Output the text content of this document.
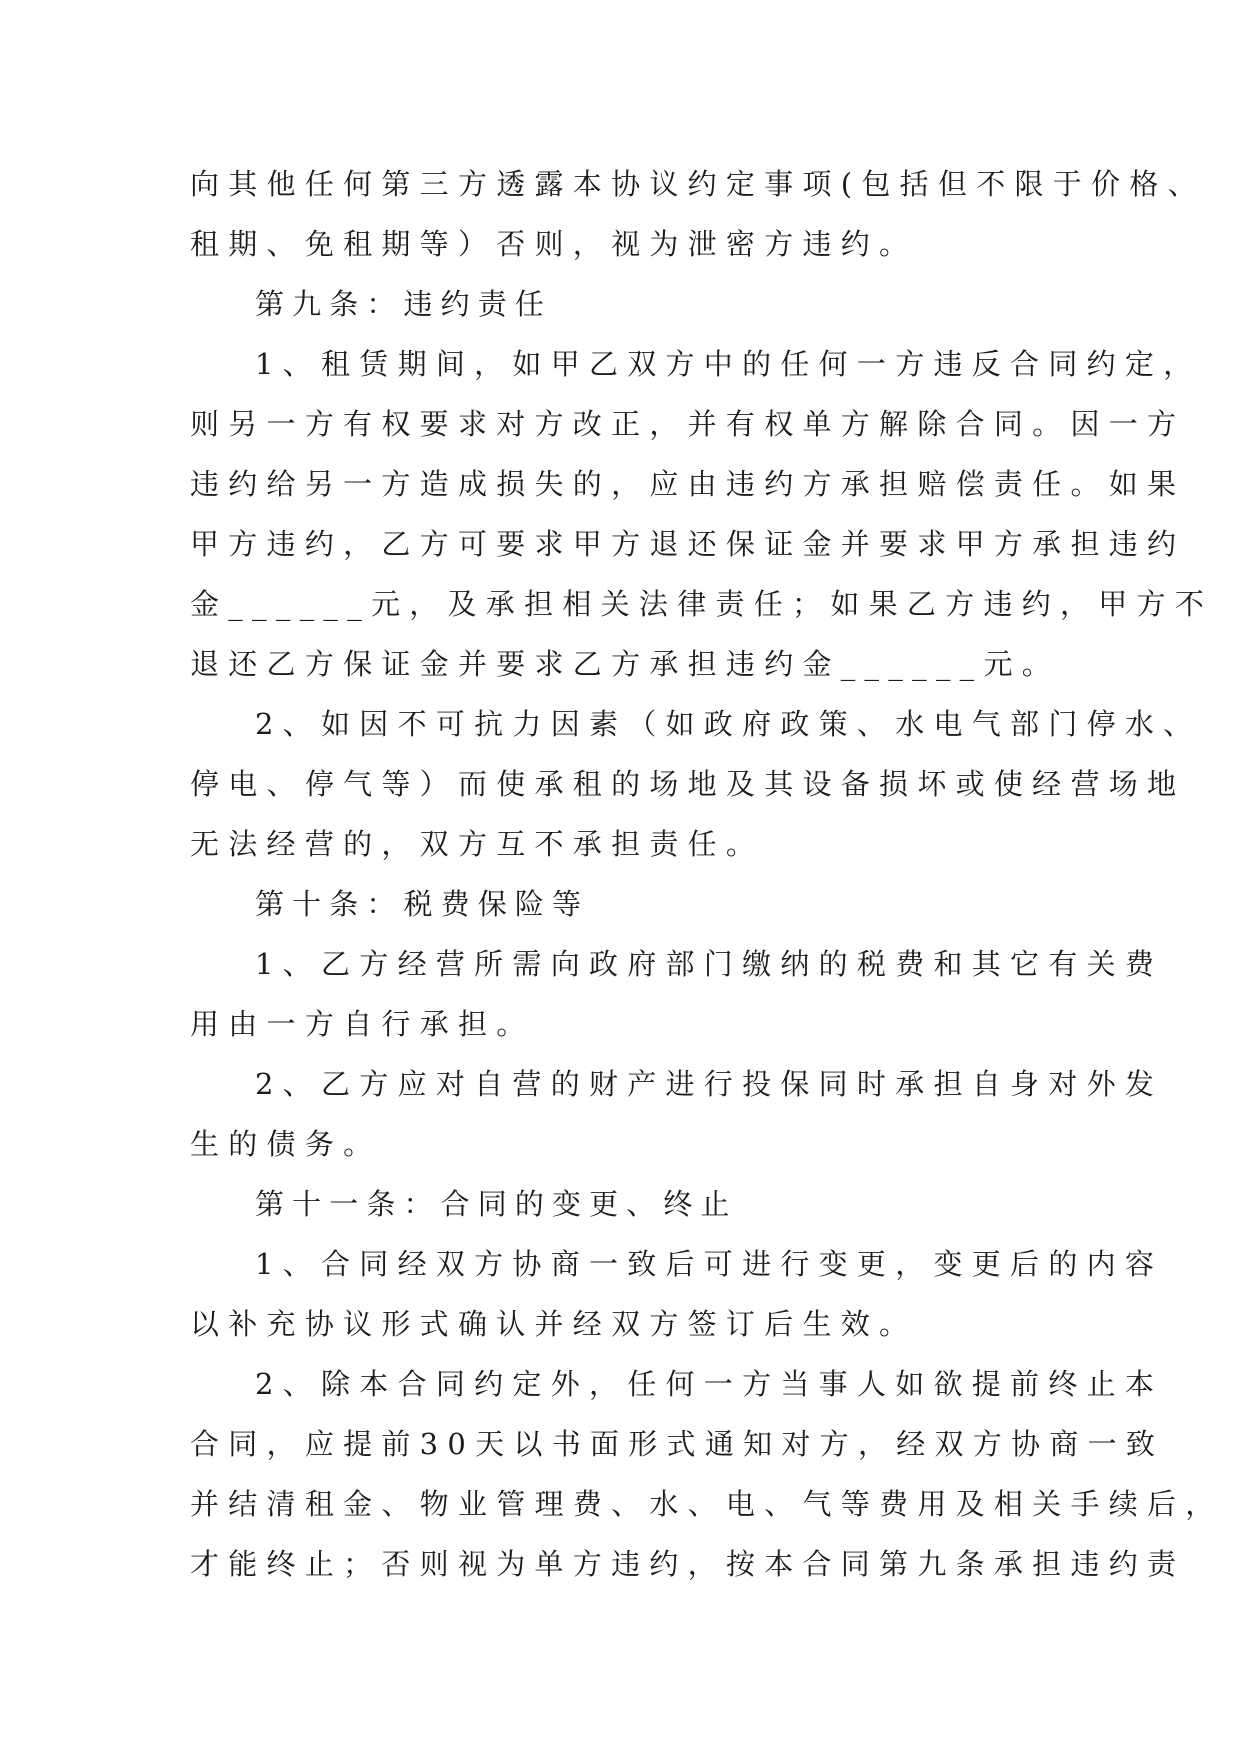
向其他任何第三方透露本协议约定事项(包括但不限于价格、
租期、免租期等）否则，视为泄密方违约。
第九条：违约责任
1、租赁期间，如甲乙双方中的任何一方违反合同约定，
则另一方有权要求对方改正，并有权单方解除合同。因一方
违约给另一方造成损失的，应由违约方承担赔偿责任。如果
甲方违约，乙方可要求甲方退还保证金并要求甲方承担违约
金______元，及承担相关法律责任；如果乙方违约，甲方不
退还乙方保证金并要求乙方承担违约金______元。
2、如因不可抗力因素（如政府政策、水电气部门停水、
停电、停气等）而使承租的场地及其设备损坏或使经营场地
无法经营的，双方互不承担责任。
第十条：税费保险等
1、乙方经营所需向政府部门缴纳的税费和其它有关费
用由一方自行承担。
2、乙方应对自营的财产进行投保同时承担自身对外发
生的债务。
第十一条：合同的变更、终止
1、合同经双方协商一致后可进行变更，变更后的内容
以补充协议形式确认并经双方签订后生效。
2、除本合同约定外，任何一方当事人如欲提前终止本
合同，应提前30天以书面形式通知对方，经双方协商一致
并结清租金、物业管理费、水、电、气等费用及相关手续后，
才能终止；否则视为单方违约，按本合同第九条承担违约责
